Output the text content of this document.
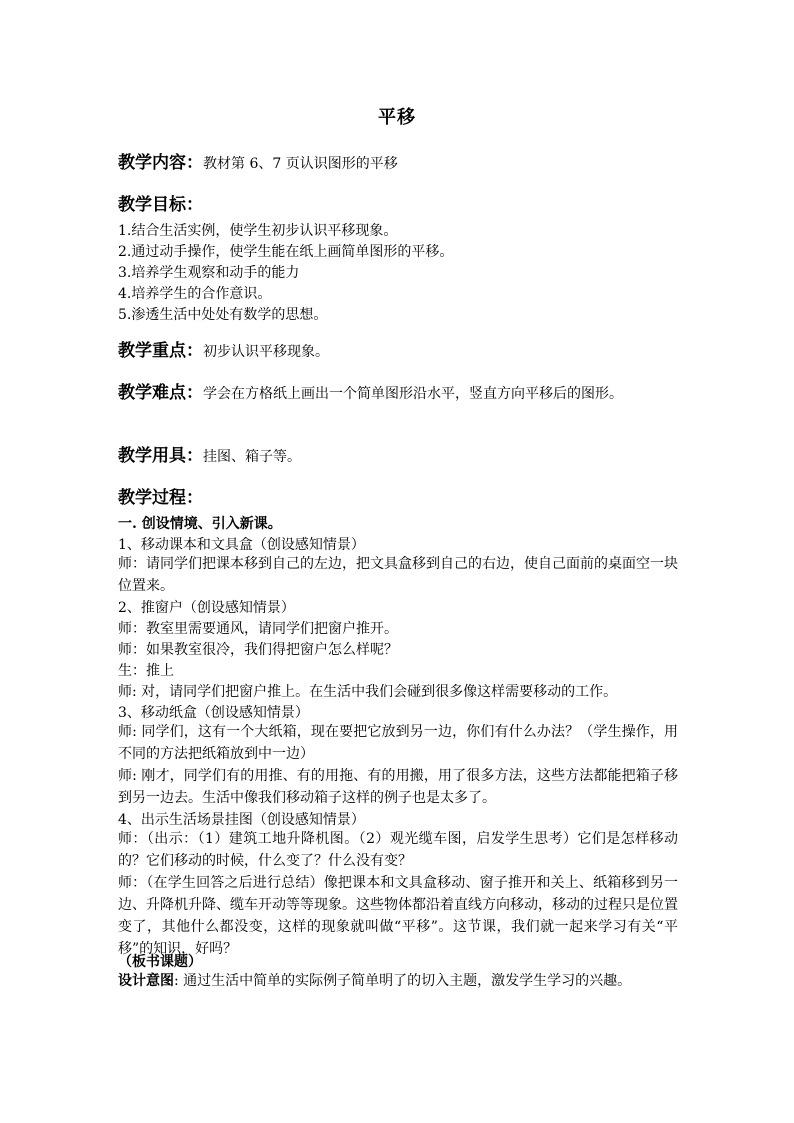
平移
教学内容：教材第 6、7 页认识图形的平移
教学目标：
1.结合生活实例，使学生初步认识平移现象。
2.通过动手操作，使学生能在纸上画简单图形的平移。
3.培养学生观察和动手的能力
4.培养学生的合作意识。
5.渗透生活中处处有数学的思想。
教学重点：初步认识平移现象。
教学难点：学会在方格纸上画出一个简单图形沿水平，竖直方向平移后的图形。
教学用具：挂图、箱子等。
教学过程：
一. 创设情境、引入新课。
1、移动课本和文具盒（创设感知情景）
师：请同学们把课本移到自己的左边，把文具盒移到自己的右边，使自己面前的桌面空一块位置来。
2、推窗户（创设感知情景）
师：教室里需要通风，请同学们把窗户推开。
师：如果教室很冷，我们得把窗户怎么样呢？
生：推上
师: 对，请同学们把窗户推上。在生活中我们会碰到很多像这样需要移动的工作。
3、移动纸盒（创设感知情景）
师: 同学们，这有一个大纸箱，现在要把它放到另一边，你们有什么办法？（学生操作，用不同的方法把纸箱放到中一边）
师: 刚才，同学们有的用推、有的用拖、有的用搬，用了很多方法，这些方法都能把箱子移到另一边去。生活中像我们移动箱子这样的例子也是太多了。
4、出示生活场景挂图（创设感知情景）
师：（出示：（1）建筑工地升降机图。（2）观光缆车图，启发学生思考）它们是怎样移动的？它们移动的时候，什么变了？什么没有变？
师：（在学生回答之后进行总结）像把课本和文具盒移动、窗子推开和关上、纸箱移到另一边、升降机升降、缆车开动等等现象。这些物体都沿着直线方向移动，移动的过程只是位置变了，其他什么都没变，这样的现象就叫做“平移”。这节课，我们就一起来学习有关“平移”的知识，好吗？
（板书课题）
设计意图: 通过生活中简单的实际例子简单明了的切入主题，激发学生学习的兴趣。
